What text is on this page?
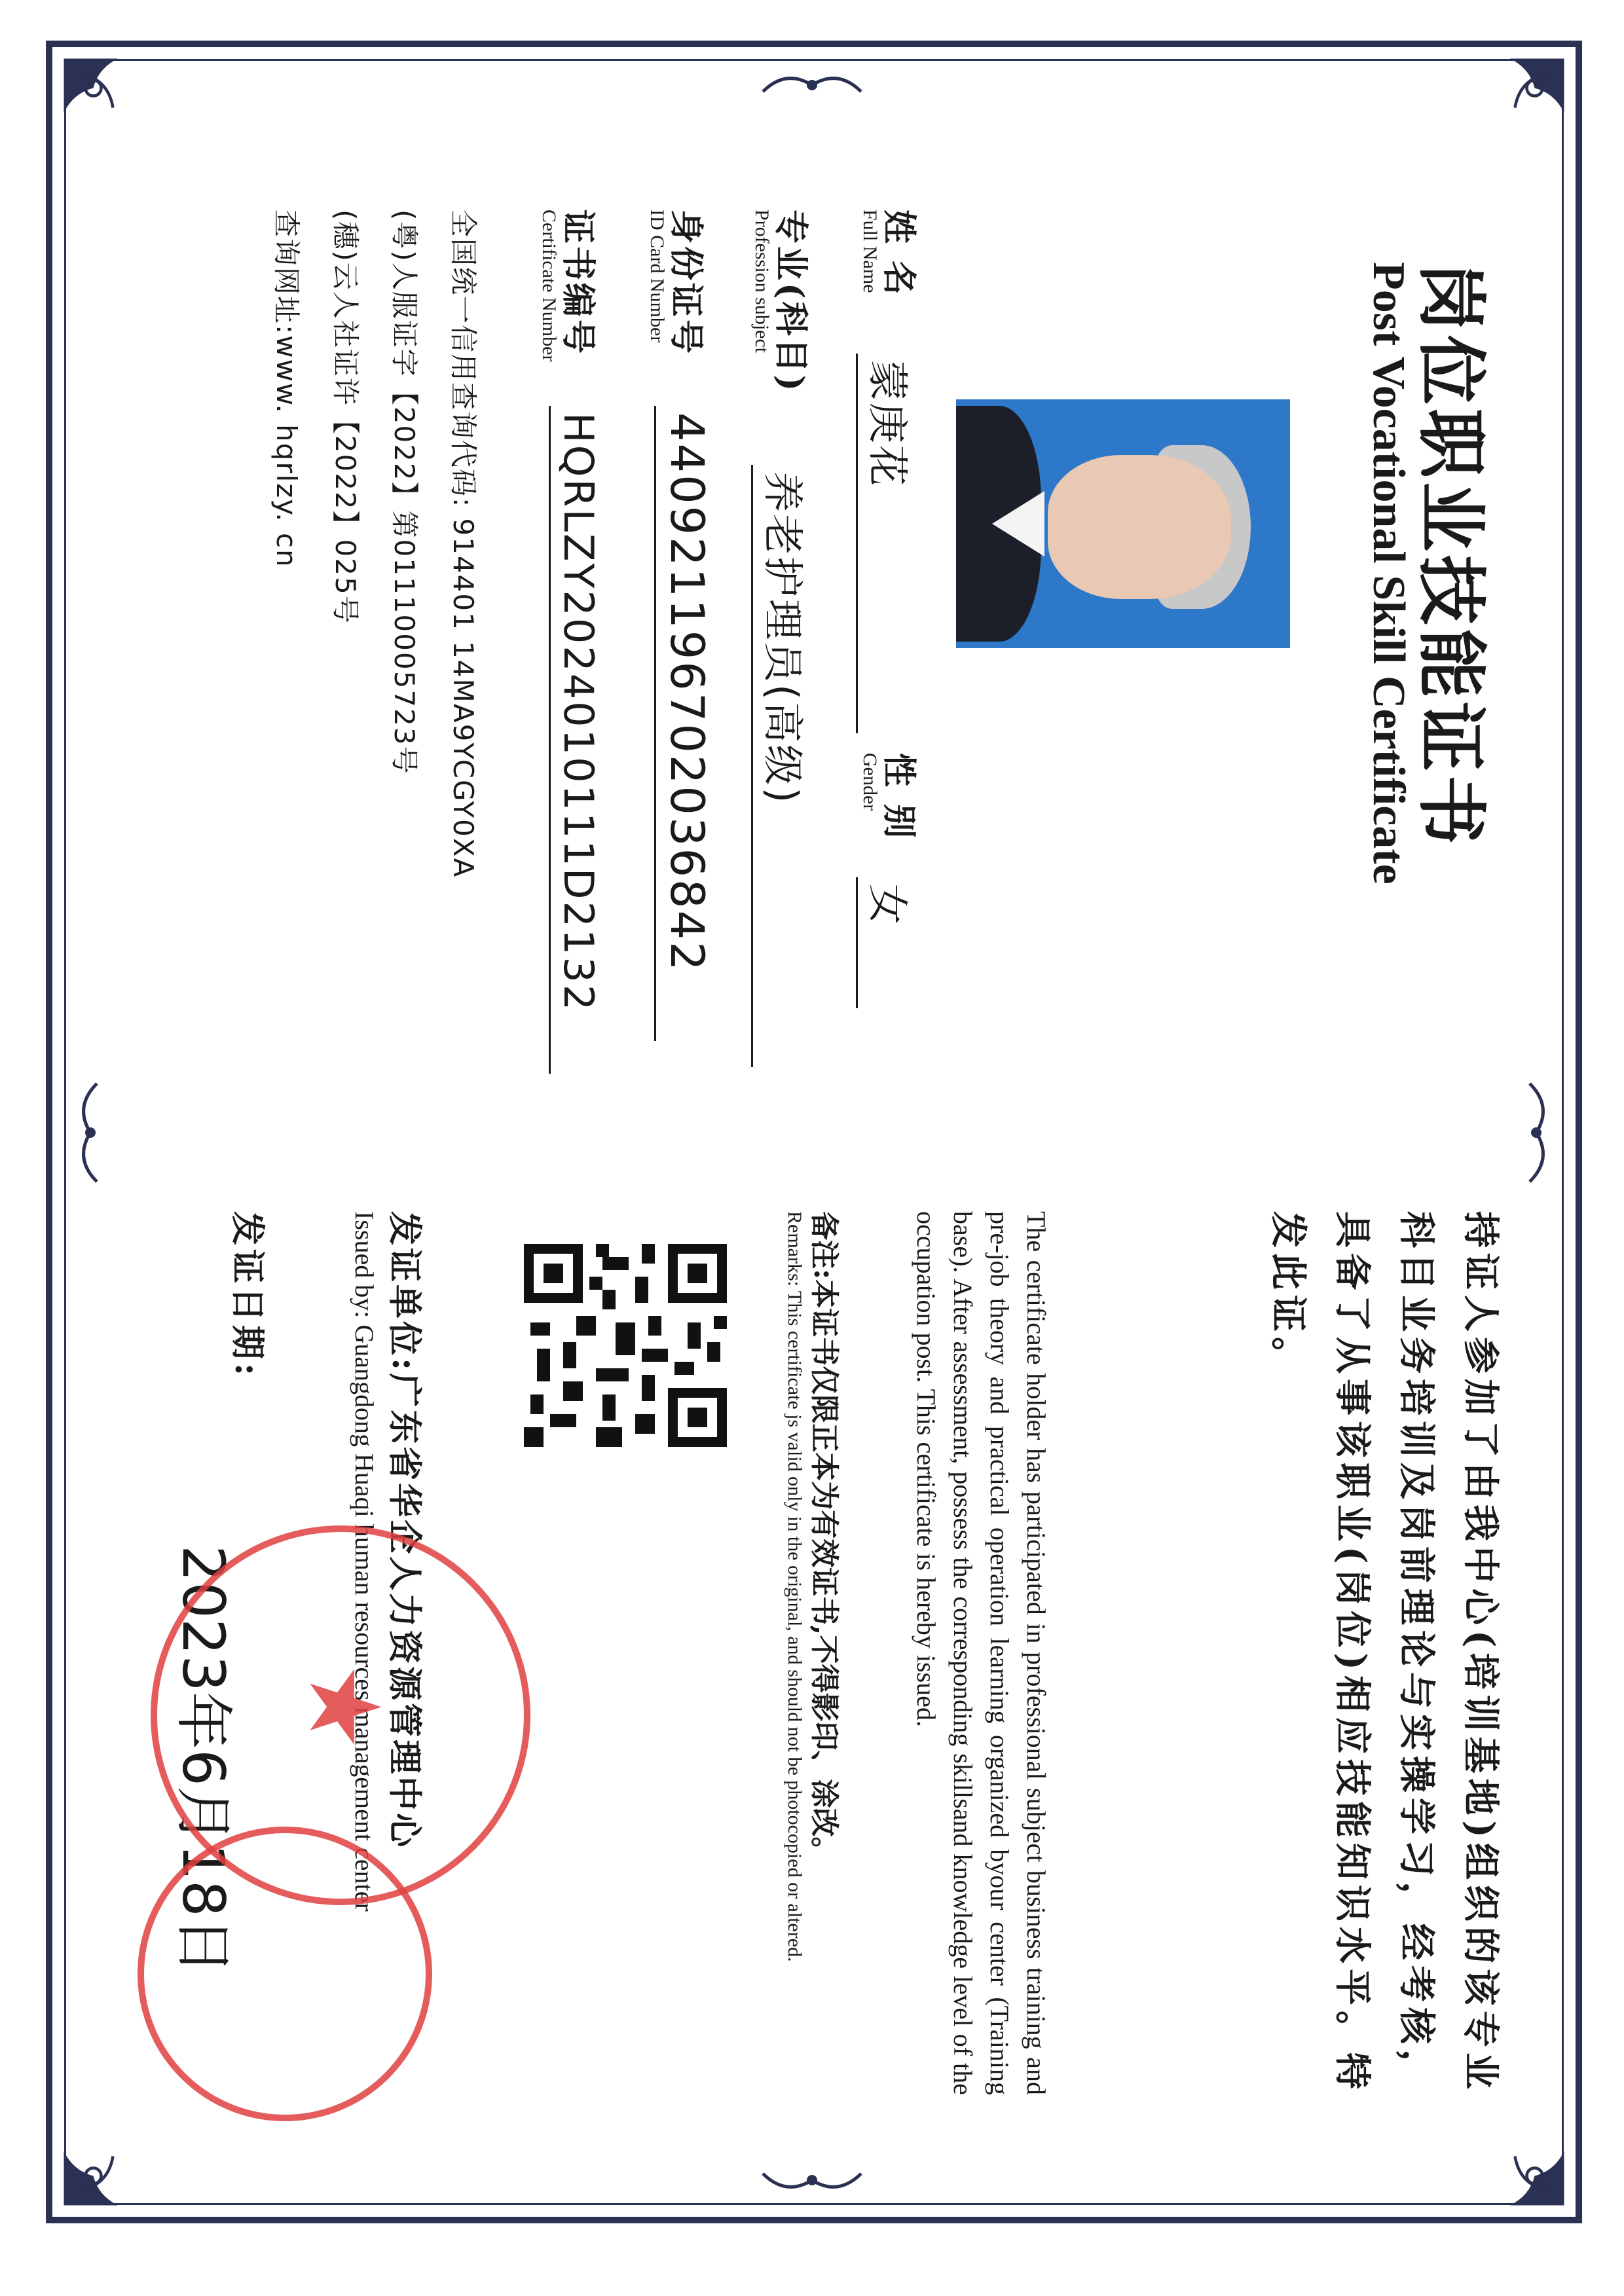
岗位职业技能证书
Post Vocational Skill Certificate
姓 名
Full Name
蒙庚花
性 别
Gender
女
专业(科目)
Profession subject
养老护理员(高级)
身份证号
ID Card Number
440921196702036842
证书编号
Certificate Number
HQRLZY2024010111D2132
全国统一信用查询代码: 914401 14MA9YCGY0XA
(粤)人服证字【2022】第01110005723号
(穗)云人社证许【2022】025号
查询网址:www. hqrlzy. cn
持证人参加了由我中心(培训基地)组织的该专业科目业务培训及岗前理论与实操学习，经考核，具备了从事该职业(岗位)相应技能知识水平。特发此证。
The certificate holder has participated in professional subject business training and pre-job theory and practical operation learning organized byour center (Training base). After assessment, possess the corresponding skillsand knowledge level of the occupation post. This certificate is hereby issued.
备注:本证书仅限正本为有效证书,不得影印、涂改。
Remarks: This certificate js valid only in the original, and should not be photocopied or altered.
发证单位:广东省华企人力资源管理中心
Issued by: Guangdong Huaqi human resources management center
发证日期:
2023年6月18日 ★
